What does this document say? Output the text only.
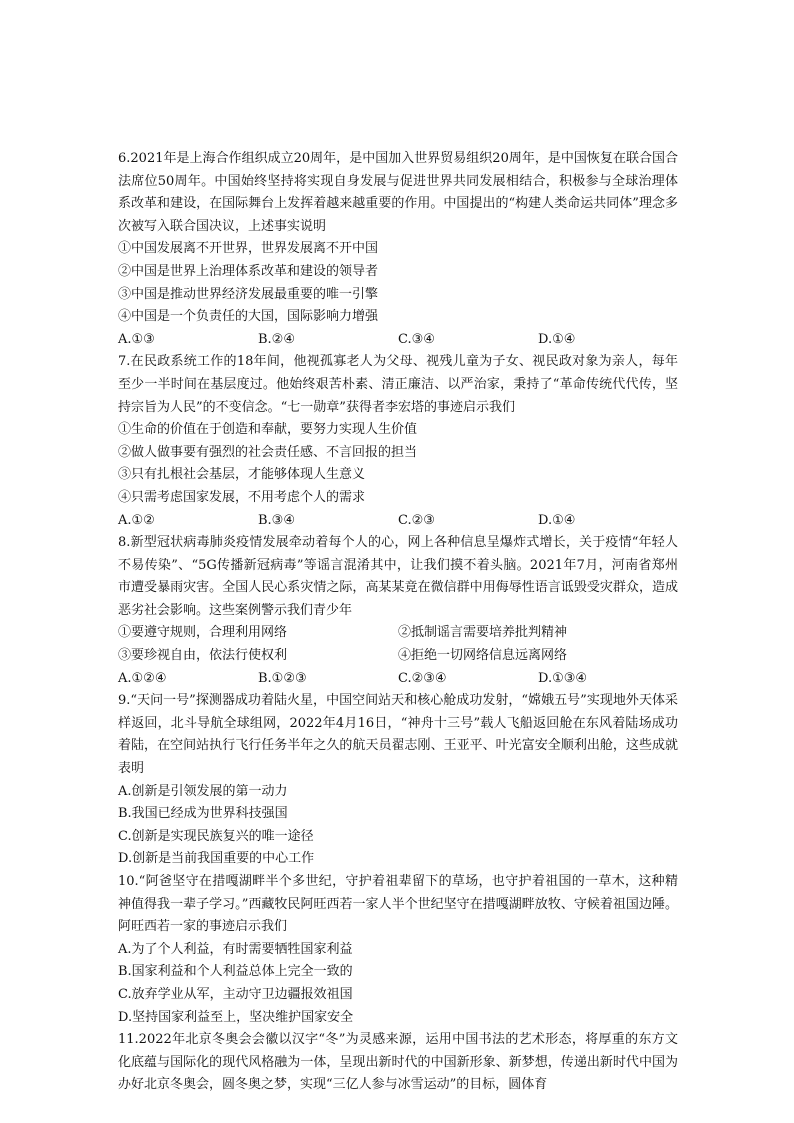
6.2021年是上海合作组织成立20周年，是中国加入世界贸易组织20周年，是中国恢复在联合国合法席位50周年。中国始终坚持将实现自身发展与促进世界共同发展相结合，积极参与全球治理体系改革和建设，在国际舞台上发挥着越来越重要的作用。中国提出的“构建人类命运共同体”理念多次被写入联合国决议，上述事实说明

①中国发展离不开世界，世界发展离不开中国

②中国是世界上治理体系改革和建设的领导者

③中国是推动世界经济发展最重要的唯一引擎

④中国是一个负责任的大国，国际影响力增强

A.①③	B.②④	C.③④	D.①④

7.在民政系统工作的18年间，他视孤寡老人为父母、视残儿童为子女、视民政对象为亲人，每年至少一半时间在基层度过。他始终艰苦朴素、清正廉洁、以严治家，秉持了“革命传统代代传，坚持宗旨为人民”的不变信念。“七一勋章”获得者李宏塔的事迹启示我们

①生命的价值在于创造和奉献，要努力实现人生价值

②做人做事要有强烈的社会责任感、不言回报的担当

③只有扎根社会基层，才能够体现人生意义

④只需考虑国家发展，不用考虑个人的需求

A.①②	B.③④	C.②③	D.①④

8.新型冠状病毒肺炎疫情发展牵动着每个人的心，网上各种信息呈爆炸式增长，关于疫情“年轻人不易传染”、“5G传播新冠病毒”等谣言混淆其中，让我们摸不着头脑。2021年7月，河南省郑州市遭受暴雨灾害。全国人民心系灾情之际，高某某竟在微信群中用侮辱性语言诋毁受灾群众，造成恶劣社会影响。这些案例警示我们青少年

①要遵守规则，合理利用网络	②抵制谣言需要培养批判精神

③要珍视自由，依法行使权利	④拒绝一切网络信息远离网络

A.①②④	B.①②③	C.②③④	D.①③④

9.“天问一号”探测器成功着陆火星，中国空间站天和核心舱成功发射，“嫦娥五号”实现地外天体采样返回，北斗导航全球组网，2022年4月16日，“神舟十三号”载人飞船返回舱在东风着陆场成功着陆，在空间站执行飞行任务半年之久的航天员翟志刚、王亚平、叶光富安全顺利出舱，这些成就表明

A.创新是引领发展的第一动力

B.我国已经成为世界科技强国

C.创新是实现民族复兴的唯一途径

D.创新是当前我国重要的中心工作

10.“阿爸坚守在措嘎湖畔半个多世纪，守护着祖辈留下的草场，也守护着祖国的一草木，这种精神值得我一辈子学习。”西藏牧民阿旺西若一家人半个世纪坚守在措嘎湖畔放牧、守候着祖国边陲。阿旺西若一家的事迹启示我们

A.为了个人利益，有时需要牺牲国家利益

B.国家利益和个人利益总体上完全一致的

C.放弃学业从军，主动守卫边疆报效祖国

D.坚持国家利益至上，坚决维护国家安全

11.2022年北京冬奥会会徽以汉字“冬”为灵感来源，运用中国书法的艺术形态，将厚重的东方文化底蕴与国际化的现代风格融为一体，呈现出新时代的中国新形象、新梦想，传递出新时代中国为办好北京冬奥会，圆冬奥之梦，实现“三亿人参与冰雪运动”的目标，圆体育
